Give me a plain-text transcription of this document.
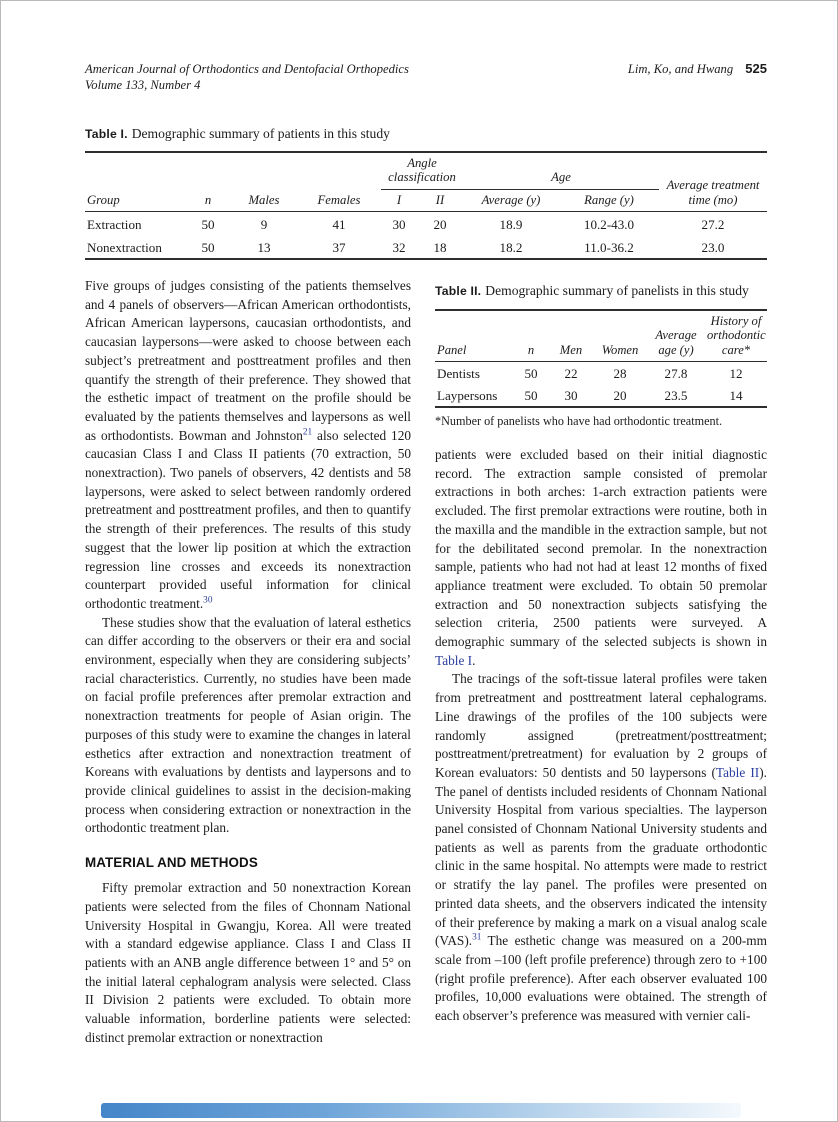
American Journal of Orthodontics and Dentofacial Orthopedics
Volume 133, Number 4
Lim, Ko, and Hwang 525

Table I. Demographic summary of patients in this study

				Angle classification		Age		Average treatment time (mo)
Group	n	Males	Females	I	II	Average (y)	Range (y)	
Extraction	50	9	41	30	20	18.9	10.2-43.0	27.2
Nonextraction	50	13	37	32	18	18.2	11.0-36.2	23.0

Five groups of judges consisting of the patients themselves and 4 panels of observers—African American orthodontists, African American laypersons, caucasian orthodontists, and caucasian laypersons—were asked to choose between each subject’s pretreatment and posttreatment profiles and then quantify the strength of their preference. They showed that the esthetic impact of treatment on the profile should be evaluated by the patients themselves and laypersons as well as orthodontists. Bowman and Johnston$^{21}$ also selected 120 caucasian Class I and Class II patients (70 extraction, 50 nonextraction). Two panels of observers, 42 dentists and 58 laypersons, were asked to select between randomly ordered pretreatment and posttreatment profiles, and then to quantify the strength of their preferences. The results of this study suggest that the lower lip position at which the extraction regression line crosses and exceeds its nonextraction counterpart provided useful information for clinical orthodontic treatment.$^{30}$

These studies show that the evaluation of lateral esthetics can differ according to the observers or their era and social environment, especially when they are considering subjects’ racial characteristics. Currently, no studies have been made on facial profile preferences after premolar extraction and nonextraction treatments for people of Asian origin. The purposes of this study were to examine the changes in lateral esthetics after extraction and nonextraction treatment of Koreans with evaluations by dentists and laypersons and to provide clinical guidelines to assist in the decision-making process when considering extraction or nonextraction in the orthodontic treatment plan.

MATERIAL AND METHODS

Fifty premolar extraction and 50 nonextraction Korean patients were selected from the files of Chonnam National University Hospital in Gwangju, Korea. All were treated with a standard edgewise appliance. Class I and Class II patients with an ANB angle difference between 1° and 5° on the initial lateral cephalogram analysis were selected. Class II Division 2 patients were excluded. To obtain more valuable information, borderline patients were selected: distinct premolar extraction or nonextraction

Table II. Demographic summary of panelists in this study

Panel	n	Men	Women	Average age (y)	History of orthodontic care*
Dentists	50	22	28	27.8	12
Laypersons	50	30	20	23.5	14

*Number of panelists who have had orthodontic treatment.

patients were excluded based on their initial diagnostic record. The extraction sample consisted of premolar extractions in both arches: 1-arch extraction patients were excluded. The first premolar extractions were routine, both in the maxilla and the mandible in the extraction sample, but not for the debilitated second premolar. In the nonextraction sample, patients who had not had at least 12 months of fixed appliance treatment were excluded. To obtain 50 premolar extraction and 50 nonextraction subjects satisfying the selection criteria, 2500 patients were surveyed. A demographic summary of the selected subjects is shown in Table I.

The tracings of the soft-tissue lateral profiles were taken from pretreatment and posttreatment lateral cephalograms. Line drawings of the profiles of the 100 subjects were randomly assigned (pretreatment/posttreatment; posttreatment/pretreatment) for evaluation by 2 groups of Korean evaluators: 50 dentists and 50 laypersons (Table II). The panel of dentists included residents of Chonnam National University Hospital from various specialties. The layperson panel consisted of Chonnam National University students and patients as well as parents from the graduate orthodontic clinic in the same hospital. No attempts were made to restrict or stratify the lay panel. The profiles were presented on printed data sheets, and the observers indicated the intensity of their preference by making a mark on a visual analog scale (VAS).$^{31}$ The esthetic change was measured on a 200-mm scale from –100 (left profile preference) through zero to +100 (right profile preference). After each observer evaluated 100 profiles, 10,000 evaluations were obtained. The strength of each observer’s preference was measured with vernier cali-
